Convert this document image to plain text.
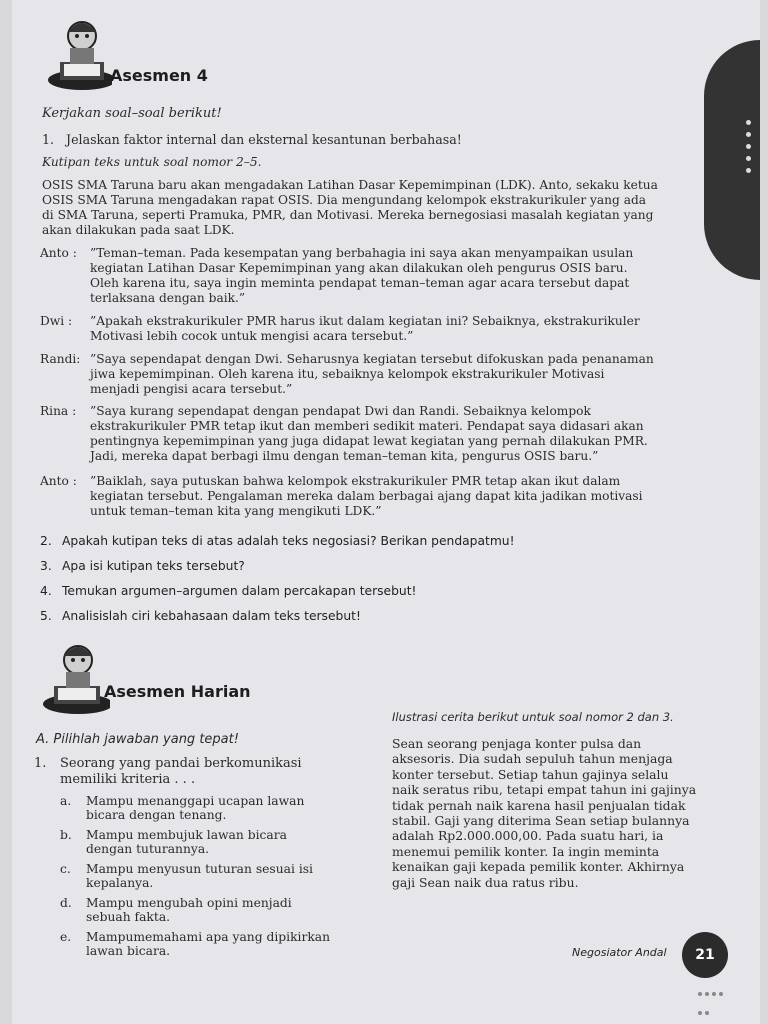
Asesmen 4
Kerjakan soal–soal berikut!
1. Jelaskan faktor internal dan eksternal kesantunan berbahasa!
Kutipan teks untuk soal nomor 2–5.
OSIS SMA Taruna baru akan mengadakan Latihan Dasar Kepemimpinan (LDK). Anto, sekaku ketua
OSIS SMA Taruna mengadakan rapat OSIS. Dia mengundang kelompok ekstrakurikuler yang ada
di SMA Taruna, seperti Pramuka, PMR, dan Motivasi. Mereka bernegosiasi masalah kegiatan yang
akan dilakukan pada saat LDK.
Anto :	”Teman–teman. Pada kesempatan yang berbahagia ini saya akan menyampaikan usulan
kegiatan Latihan Dasar Kepemimpinan yang akan dilakukan oleh pengurus OSIS baru.
Oleh karena itu, saya ingin meminta pendapat teman–teman agar acara tersebut dapat
terlaksana dengan baik.”
Dwi :	”Apakah ekstrakurikuler PMR harus ikut dalam kegiatan ini? Sebaiknya, ekstrakurikuler
Motivasi lebih cocok untuk mengisi acara tersebut.”
Randi: ”Saya sependapat dengan Dwi. Seharusnya kegiatan tersebut difokuskan pada penanaman
jiwa kepemimpinan. Oleh karena itu, sebaiknya kelompok ekstrakurikuler Motivasi
menjadi pengisi acara tersebut.”
Rina :	”Saya kurang sependapat dengan pendapat Dwi dan Randi. Sebaiknya kelompok
ekstrakurikuler PMR tetap ikut dan memberi sedikit materi. Pendapat saya didasari akan
pentingnya kepemimpinan yang juga didapat lewat kegiatan yang pernah dilakukan PMR.
Jadi, mereka dapat berbagi ilmu dengan teman–teman kita, pengurus OSIS baru.”
Anto :	”Baiklah, saya putuskan bahwa kelompok ekstrakurikuler PMR tetap akan ikut dalam
kegiatan tersebut. Pengalaman mereka dalam berbagai ajang dapat kita jadikan motivasi
untuk teman–teman kita yang mengikuti LDK.”
2. Apakah kutipan teks di atas adalah teks negosiasi? Berikan pendapatmu!
3. Apa isi kutipan teks tersebut?
4. Temukan argumen–argumen dalam percakapan tersebut!
5. Analisislah ciri kebahasaan dalam teks tersebut!
Asesmen Harian
A. Pilihlah jawaban yang tepat!
1. Seorang yang pandai berkomunikasi
memiliki kriteria . . .
a.	Mampu menanggapi ucapan lawan
bicara dengan tenang.
b.	Mampu membujuk lawan bicara
dengan tuturannya.
c.	Mampu menyusun tuturan sesuai isi
kepalanya.
d.	Mampu mengubah opini menjadi
sebuah fakta.
e.	Mampumemahami apa yang dipikirkan
lawan bicara.
Ilustrasi cerita berikut untuk soal nomor 2 dan 3.
Sean seorang penjaga konter pulsa dan
aksesoris. Dia sudah sepuluh tahun menjaga
konter tersebut. Setiap tahun gajinya selalu
naik seratus ribu, tetapi empat tahun ini gajinya
tidak pernah naik karena hasil penjualan tidak
stabil. Gaji yang diterima Sean setiap bulannya
adalah Rp2.000.000,00. Pada suatu hari, ia
menemui pemilik konter. Ia ingin meminta
kenaikan gaji kepada pemilik konter. Akhirnya
gaji Sean naik dua ratus ribu.
Negosiator Andal	21
